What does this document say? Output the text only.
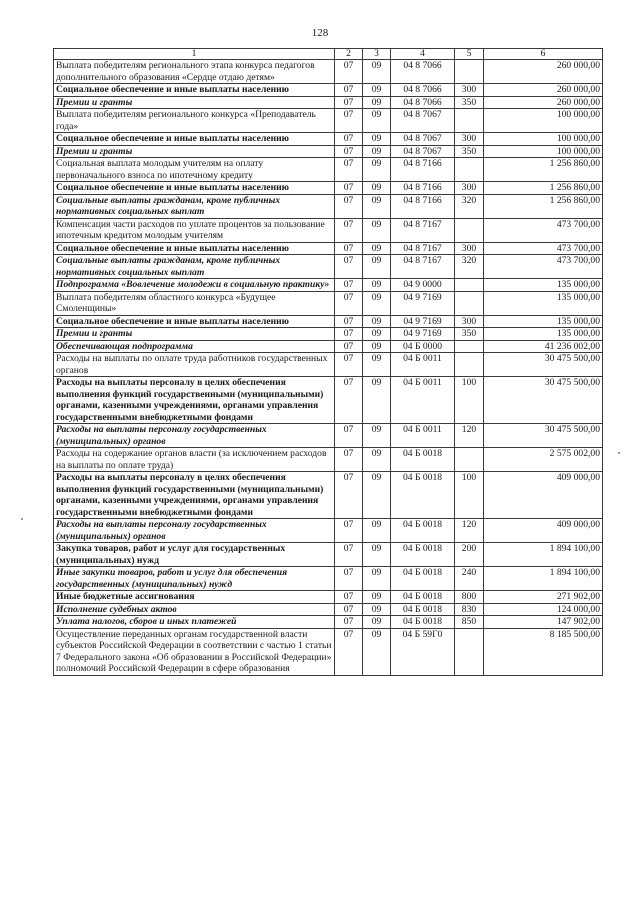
128
1	2	3	4	5	6
Выплата победителям регионального этапа конкурса педагогов дополнительного образования «Сердце отдаю детям»	07	09	04 8 7066		260 000,00
Социальное обеспечение и иные выплаты населению	07	09	04 8 7066	300	260 000,00
Премии и гранты	07	09	04 8 7066	350	260 000,00
Выплата победителям регионального конкурса «Преподаватель года»	07	09	04 8 7067		100 000,00
Социальное обеспечение и иные выплаты населению	07	09	04 8 7067	300	100 000,00
Премии и гранты	07	09	04 8 7067	350	100 000,00
Социальная выплата молодым учителям на оплату первоначального взноса по ипотечному кредиту	07	09	04 8 7166		1 256 860,00
Социальное обеспечение и иные выплаты населению	07	09	04 8 7166	300	1 256 860,00
Социальные выплаты гражданам, кроме публичных нормативных социальных выплат	07	09	04 8 7166	320	1 256 860,00
Компенсация части расходов по уплате процентов за пользование ипотечным кредитом молодым учителям	07	09	04 8 7167		473 700,00
Социальное обеспечение и иные выплаты населению	07	09	04 8 7167	300	473 700,00
Социальные выплаты гражданам, кроме публичных нормативных социальных выплат	07	09	04 8 7167	320	473 700,00
Подпрограмма «Вовлечение молодежи в социальную практику»	07	09	04 9 0000		135 000,00
Выплата победителям областного конкурса «Будущее Смоленщины»	07	09	04 9 7169		135 000,00
Социальное обеспечение и иные выплаты населению	07	09	04 9 7169	300	135 000,00
Премии и гранты	07	09	04 9 7169	350	135 000,00
Обеспечивающая подпрограмма	07	09	04 Б 0000		41 236 002,00
Расходы на выплаты по оплате труда работников государственных органов	07	09	04 Б 0011		30 475 500,00
Расходы на выплаты персоналу в целях обеспечения выполнения функций государственными (муниципальными) органами, казенными учреждениями, органами управления государственными внебюджетными фондами	07	09	04 Б 0011	100	30 475 500,00
Расходы на выплаты персоналу государственных (муниципальных) органов	07	09	04 Б 0011	120	30 475 500,00
Расходы на содержание органов власти (за исключением расходов на выплаты по оплате труда)	07	09	04 Б 0018		2 575 002,00
Расходы на выплаты персоналу в целях обеспечения выполнения функций государственными (муниципальными) органами, казенными учреждениями, органами управления государственными внебюджетными фондами	07	09	04 Б 0018	100	409 000,00
Расходы на выплаты персоналу государственных (муниципальных) органов	07	09	04 Б 0018	120	409 000,00
Закупка товаров, работ и услуг для государственных (муниципальных) нужд	07	09	04 Б 0018	200	1 894 100,00
Иные закупки товаров, работ и услуг для обеспечения государственных (муниципальных) нужд	07	09	04 Б 0018	240	1 894 100,00
Иные бюджетные ассигнования	07	09	04 Б 0018	800	271 902,00
Исполнение судебных актов	07	09	04 Б 0018	830	124 000,00
Уплата налогов, сборов и иных платежей	07	09	04 Б 0018	850	147 902,00
Осуществление переданных органам государственной власти субъектов Российской Федерации в соответствии с частью 1 статьи 7 Федерального закона «Об образовании в Российской Федерации» полномочий Российской Федерации в сфере образования	07	09	04 Б 59Г0		8 185 500,00
